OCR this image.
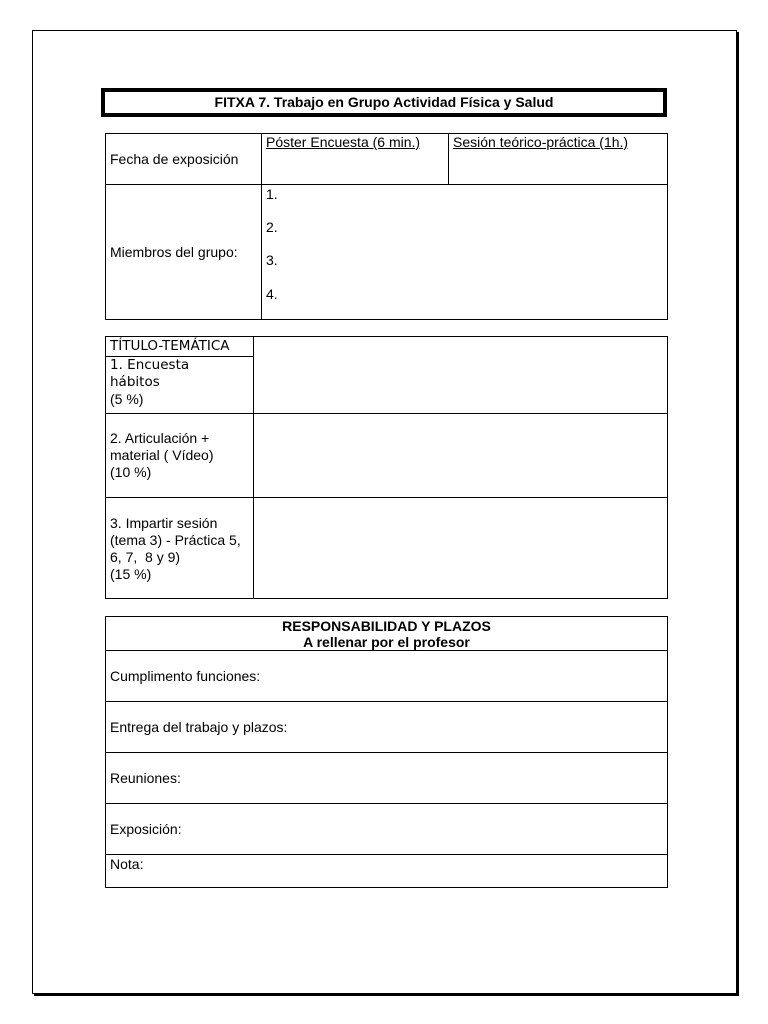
FITXA 7. Trabajo en Grupo Actividad Física y Salud
Fecha de exposición	Póster Encuesta (6 min.)	Sesión teórico-práctica (1h.)
Miembros del grupo:	1.
2.
3.
4.	
TÍTULO-TEMÁTICA
1. Encuesta
hábitos
(5 %)	

2. Articulación +
material ( Vídeo)
(10 %)	

3. Impartir sesión
(tema 3) - Práctica 5,
6, 7,  8 y 9)
(15 %)	

RESPONSABILIDAD Y PLAZOS
A rellenar por el profesor

Cumplimento funciones:
Entrega del trabajo y plazos:
Reuniones:
Exposición:
Nota:
